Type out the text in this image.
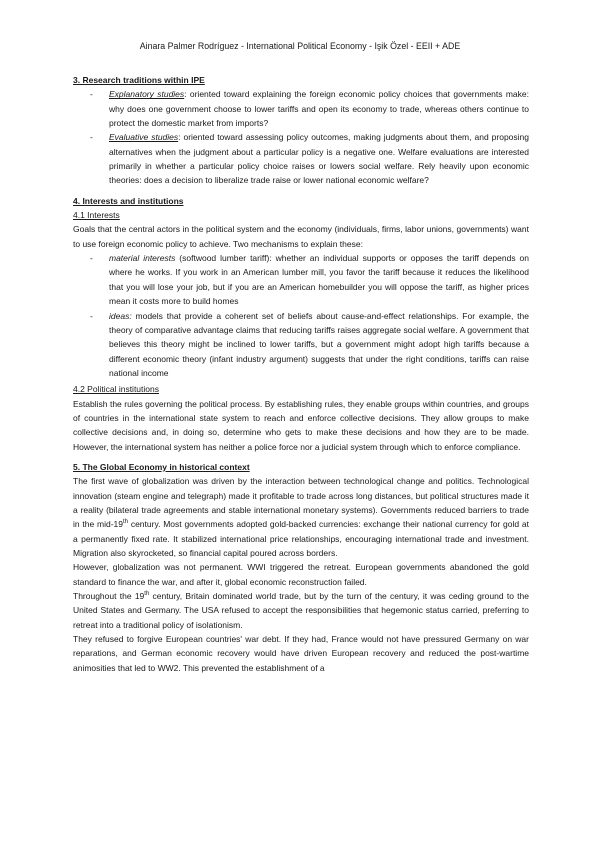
Ainara Palmer Rodríguez - International Political Economy - Işik Özel - EEII + ADE
3. Research traditions within IPE
- Explanatory studies: oriented toward explaining the foreign economic policy choices that governments make: why does one government choose to lower tariffs and open its economy to trade, whereas others continue to protect the domestic market from imports?
- Evaluative studies: oriented toward assessing policy outcomes, making judgments about them, and proposing alternatives when the judgment about a particular policy is a negative one. Welfare evaluations are interested primarily in whether a particular policy choice raises or lowers social welfare. Rely heavily upon economic theories: does a decision to liberalize trade raise or lower national economic welfare?
4. Interests and institutions
4.1 Interests

Goals that the central actors in the political system and the economy (individuals, firms, labor unions, governments) want to use foreign economic policy to achieve. Two mechanisms to explain these:

- material interests (softwood lumber tariff): whether an individual supports or opposes the tariff depends on where he works. If you work in an American lumber mill, you favor the tariff because it reduces the likelihood that you will lose your job, but if you are an American homebuilder you will oppose the tariff, as higher prices mean it costs more to build homes
- ideas: models that provide a coherent set of beliefs about cause-and-effect relationships. For example, the theory of comparative advantage claims that reducing tariffs raises aggregate social welfare. A government that believes this theory might be inclined to lower tariffs, but a government might adopt high tariffs because a different economic theory (infant industry argument) suggests that under the right conditions, tariffs can raise national income
4.2 Political institutions

Establish the rules governing the political process. By establishing rules, they enable groups within countries, and groups of countries in the international state system to reach and enforce collective decisions. They allow groups to make collective decisions and, in doing so, determine who gets to make these decisions and how they are to be made. However, the international system has neither a police force nor a judicial system through which to enforce compliance.

5. The Global Economy in historical context

The first wave of globalization was driven by the interaction between technological change and politics. Technological innovation (steam engine and telegraph) made it profitable to trade across long distances, but political structures made it a reality (bilateral trade agreements and stable international monetary systems). Governments reduced barriers to trade in the mid-19th century. Most governments adopted gold-backed currencies: exchange their national currency for gold at a permanently fixed rate. It stabilized international price relationships, encouraging international trade and investment. Migration also skyrocketed, so financial capital poured across borders.

However, globalization was not permanent. WWI triggered the retreat. European governments abandoned the gold standard to finance the war, and after it, global economic reconstruction failed.

Throughout the 19th century, Britain dominated world trade, but by the turn of the century, it was ceding ground to the United States and Germany. The USA refused to accept the responsibilities that hegemonic status carried, preferring to retreat into a traditional policy of isolationism.

They refused to forgive European countries' war debt. If they had, France would not have pressured Germany on war reparations, and German economic recovery would have driven European recovery and reduced the post-wartime animosities that led to WW2. This prevented the establishment of a
